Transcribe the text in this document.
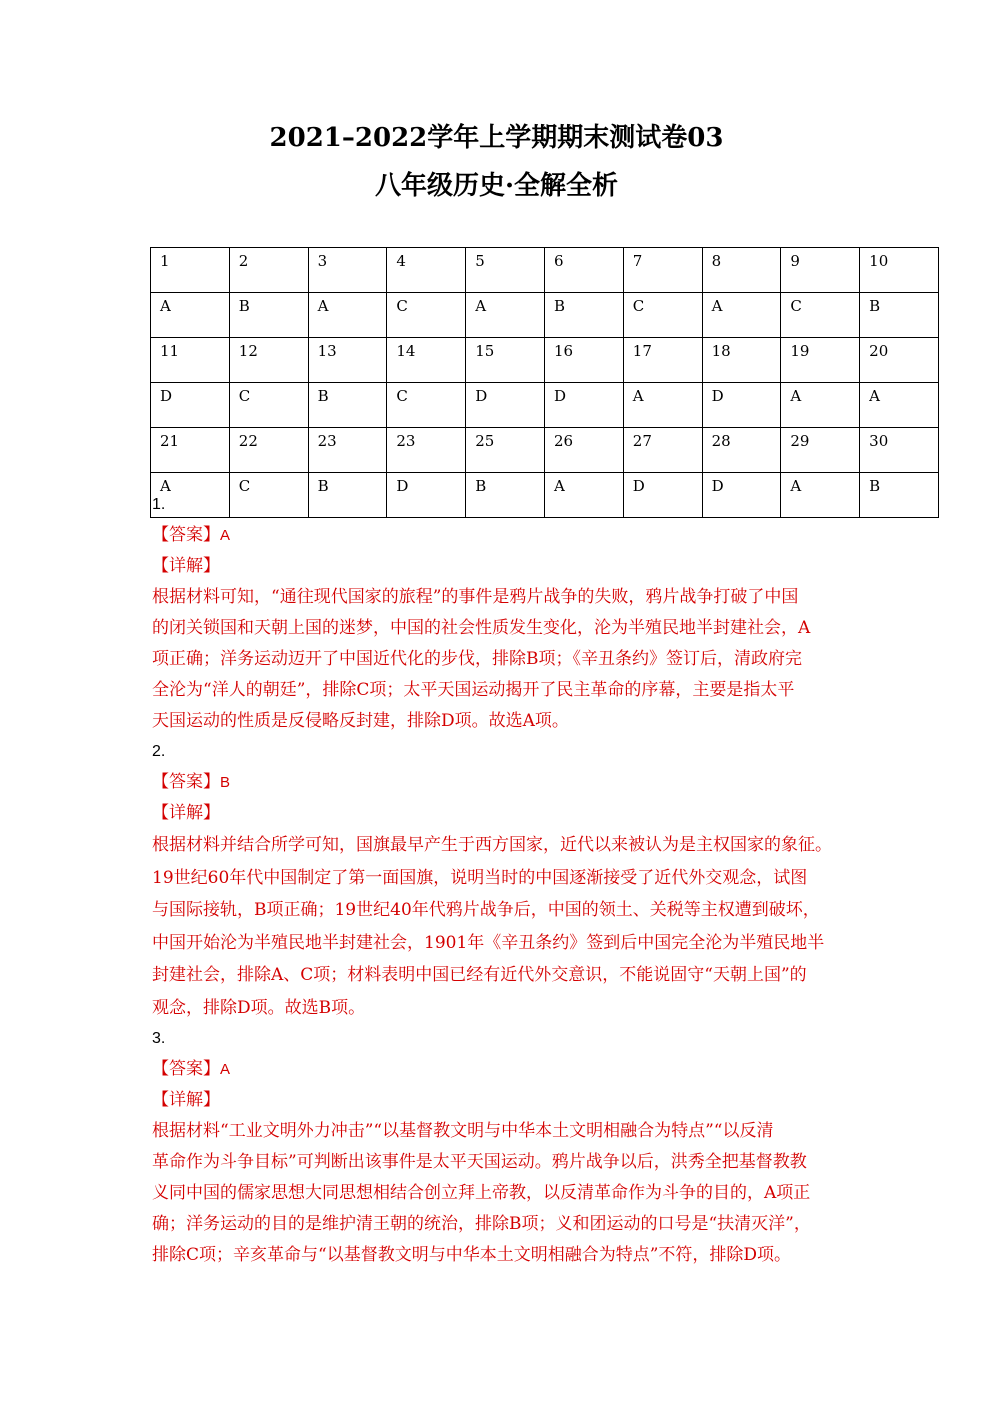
2021–2022学年上学期期末测试卷03
八年级历史·全解全析
1	2	3	4	5	6	7	8	9	10
A	B	A	C	A	B	C	A	C	B
11	12	13	14	15	16	17	18	19	20
D	C	B	C	D	D	A	D	A	A
21	22	23	23	25	26	27	28	29	30
A	C	B	D	B	A	D	D	A	B
1.
【答案】A
【详解】
根据材料可知，“通往现代国家的旅程”的事件是鸦片战争的失败，鸦片战争打破了中国
的闭关锁国和天朝上国的迷梦，中国的社会性质发生变化，沦为半殖民地半封建社会，A
项正确；洋务运动迈开了中国近代化的步伐，排除B项；《辛丑条约》签订后，清政府完
全沦为“洋人的朝廷”，排除C项；太平天国运动揭开了民主革命的序幕，主要是指太平
天国运动的性质是反侵略反封建，排除D项。故选A项。
2.
【答案】B
【详解】
根据材料并结合所学可知，国旗最早产生于西方国家，近代以来被认为是主权国家的象征。
19世纪60年代中国制定了第一面国旗，说明当时的中国逐渐接受了近代外交观念，试图
与国际接轨，B项正确；19世纪40年代鸦片战争后，中国的领土、关税等主权遭到破坏，
中国开始沦为半殖民地半封建社会，1901年《辛丑条约》签到后中国完全沦为半殖民地半
封建社会，排除A、C项；材料表明中国已经有近代外交意识，不能说固守“天朝上国”的
观念，排除D项。故选B项。
3.
【答案】A
【详解】
根据材料“工业文明外力冲击”“以基督教文明与中华本土文明相融合为特点”“以反清
革命作为斗争目标”可判断出该事件是太平天国运动。鸦片战争以后，洪秀全把基督教教
义同中国的儒家思想大同思想相结合创立拜上帝教，以反清革命作为斗争的目的，A项正
确；洋务运动的目的是维护清王朝的统治，排除B项；义和团运动的口号是“扶清灭洋”，
排除C项；辛亥革命与“以基督教文明与中华本土文明相融合为特点”不符，排除D项。
